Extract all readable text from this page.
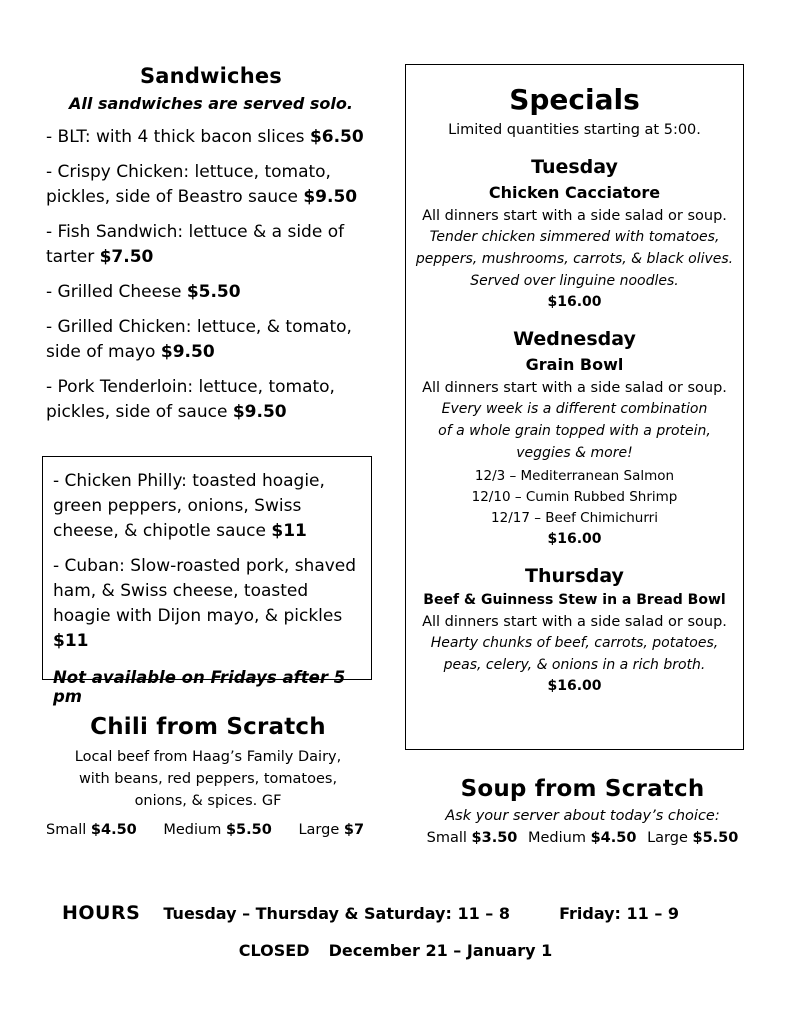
Sandwiches
All sandwiches are served solo.
- BLT: with 4 thick bacon slices $6.50
- Crispy Chicken: lettuce, tomato, pickles, side of Beastro sauce $9.50
- Fish Sandwich: lettuce & a side of tarter $7.50
- Grilled Cheese $5.50
- Grilled Chicken: lettuce, & tomato, side of mayo $9.50
- Pork Tenderloin: lettuce, tomato, pickles, side of sauce $9.50
- Chicken Philly: toasted hoagie, green peppers, onions, Swiss cheese, & chipotle sauce $11
- Cuban: Slow-roasted pork, shaved ham, & Swiss cheese, toasted hoagie with Dijon mayo, & pickles $11
Not available on Fridays after 5 pm
Chili from Scratch
Local beef from Haag’s Family Dairy,
with beans, red peppers, tomatoes,
onions, & spices. GF
Small $4.50 Medium $5.50 Large $7
Specials
Limited quantities starting at 5:00.
Tuesday
Chicken Cacciatore
All dinners start with a side salad or soup.
Tender chicken simmered with tomatoes,
peppers, mushrooms, carrots, & black olives.
Served over linguine noodles.
$16.00
Wednesday
Grain Bowl
All dinners start with a side salad or soup.
Every week is a different combination
of a whole grain topped with a protein,
veggies & more!
12/3 – Mediterranean Salmon
12/10 – Cumin Rubbed Shrimp
12/17 – Beef Chimichurri
$16.00
Thursday
Beef & Guinness Stew in a Bread Bowl
All dinners start with a side salad or soup.
Hearty chunks of beef, carrots, potatoes,
peas, celery, & onions in a rich broth.
$16.00
Soup from Scratch
Ask your server about today’s choice:
Small $3.50 Medium $4.50 Large $5.50
HOURS Tuesday – Thursday & Saturday: 11 – 8	Friday: 11 – 9
CLOSED December 21 – January 1
